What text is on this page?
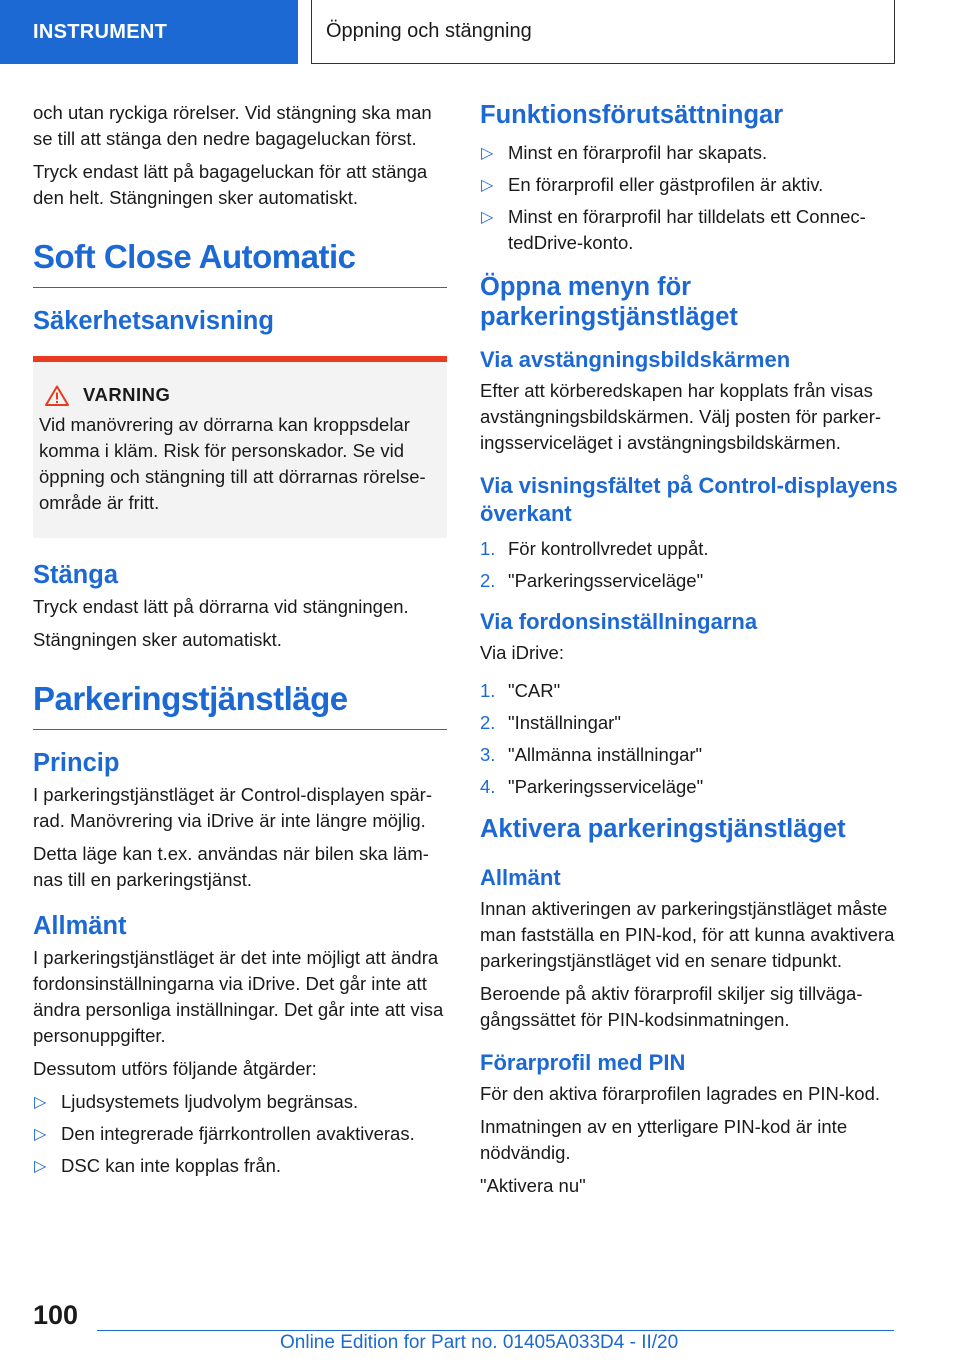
INSTRUMENT	Öppning och stängning

och utan ryckiga rörelser. Vid stängning ska man se till att stänga den nedre bagageluckan först.

Tryck endast lätt på bagageluckan för att stänga den helt. Stängningen sker automatiskt.

Soft Close Automatic
Säkerhetsanvisning
VARNING

Vid manövrering av dörrarna kan kroppsdelar komma i kläm. Risk för personskador. Se vid öppning och stängning till att dörrarnas rörelseområde är fritt.

Stänga

Tryck endast lätt på dörrarna vid stängningen.

Stängningen sker automatiskt.

Parkeringstjänstläge
Princip

I parkeringstjänstläget är Control-displayen spärrad. Manövrering via iDrive är inte längre möjlig.

Detta läge kan t.ex. användas när bilen ska lämnas till en parkeringstjänst.

Allmänt

I parkeringstjänstläget är det inte möjligt att ändra fordonsinställningarna via iDrive. Det går inte att ändra personliga inställningar. Det går inte att visa personuppgifter.

Dessutom utförs följande åtgärder:

▷ Ljudsystemets ljudvolym begränsas.
▷ Den integrerade fjärrkontrollen avaktiveras.
▷ DSC kan inte kopplas från.
Funktionsförutsättningar
▷ Minst en förarprofil har skapats.
▷ En förarprofil eller gästprofilen är aktiv.
▷ Minst en förarprofil har tilldelats ett ConnectedDrive-konto.
Öppna menyn för parkeringstjänstläget
Via avstängningsbildskärmen

Efter att körberedskapen har kopplats från visas avstängningsbildskärmen. Välj posten för parkeringsserviceläget i avstängningsbildskärmen.

Via visningsfältet på Control-displayens överkant
1. För kontrollvredet uppåt.
2. "Parkeringsserviceläge"
Via fordonsinställningarna

Via iDrive:

1. "CAR"
2. "Inställningar"
3. "Allmänna inställningar"
4. "Parkeringsserviceläge"
Aktivera parkeringstjänstläget
Allmänt

Innan aktiveringen av parkeringstjänstläget måste man fastställa en PIN-kod, för att kunna avaktivera parkeringstjänstläget vid en senare tidpunkt.

Beroende på aktiv förarprofil skiljer sig tillvägagångssättet för PIN-kodsinmatningen.

Förarprofil med PIN

För den aktiva förarprofilen lagrades en PIN-kod.

Inmatningen av en ytterligare PIN-kod är inte nödvändig.

"Aktivera nu"

100
Online Edition for Part no. 01405A033D4 - II/20
